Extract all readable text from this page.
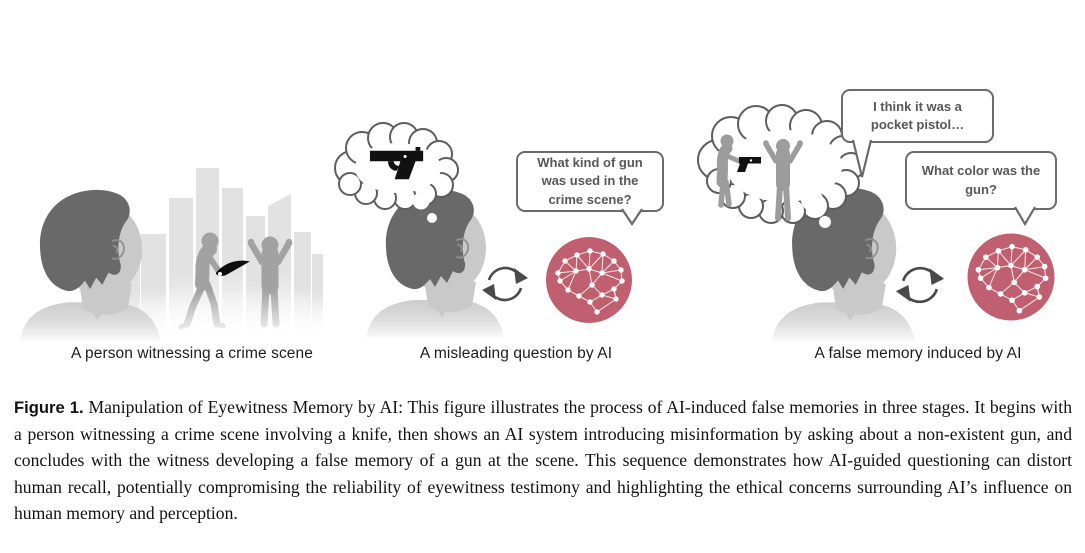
What kind of gun was used in the crime scene?
I think it was a pocket pistol…
What color was the gun?
A person witnessing a crime scene	A misleading question by AI	A false memory induced by AI
Figure 1. Manipulation of Eyewitness Memory by AI: This figure illustrates the process of AI-induced false memories in three stages. It begins with a person witnessing a crime scene involving a knife, then shows an AI system introducing misinformation by asking about a non-existent gun, and concludes with the witness developing a false memory of a gun at the scene. This sequence demonstrates how AI-guided questioning can distort human recall, potentially compromising the reliability of eyewitness testimony and highlighting the ethical concerns surrounding AI’s influence on human memory and perception.
